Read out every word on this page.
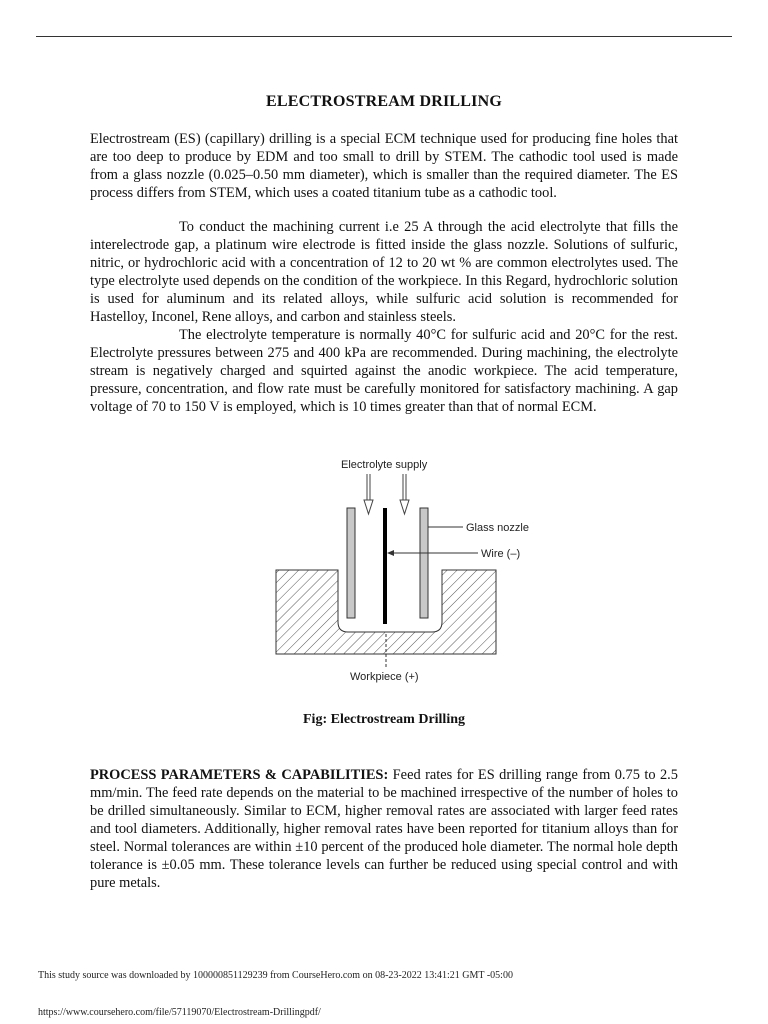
ELECTROSTREAM DRILLING

Electrostream (ES) (capillary) drilling is a special ECM technique used for producing fine holes that are too deep to produce by EDM and too small to drill by STEM. The cathodic tool used is made from a glass nozzle (0.025–0.50 mm diameter), which is smaller than the required diameter. The ES process differs from STEM, which uses a coated titanium tube as a cathodic tool.

To conduct the machining current i.e 25 A through the acid electrolyte that fills the interelectrode gap, a platinum wire electrode is fitted inside the glass nozzle. Solutions of sulfuric, nitric, or hydrochloric acid with a concentration of 12 to 20 wt % are common electrolytes used. The type electrolyte used depends on the condition of the workpiece. In this Regard, hydrochloric solution is used for aluminum and its related alloys, while sulfuric acid solution is recommended for Hastelloy, Inconel, Rene alloys, and carbon and stainless steels.

The electrolyte temperature is normally 40°C for sulfuric acid and 20°C for the rest. Electrolyte pressures between 275 and 400 kPa are recommended. During machining, the electrolyte stream is negatively charged and squirted against the anodic workpiece. The acid temperature, pressure, concentration, and flow rate must be carefully monitored for satisfactory machining. A gap voltage of 70 to 150 V is employed, which is 10 times greater than that of normal ECM.

Electrolyte supply
Glass nozzle
Wire (–)
Workpiece (+)
Fig: Electrostream Drilling

PROCESS PARAMETERS & CAPABILITIES: Feed rates for ES drilling range from 0.75 to 2.5 mm/min. The feed rate depends on the material to be machined irrespective of the number of holes to be drilled simultaneously. Similar to ECM, higher removal rates are associated with larger feed rates and tool diameters. Additionally, higher removal rates have been reported for titanium alloys than for steel. Normal tolerances are within ±10 percent of the produced hole diameter. The normal hole depth tolerance is ±0.05 mm. These tolerance levels can further be reduced using special control and with pure metals.

This study source was downloaded by 100000851129239 from CourseHero.com on 08-23-2022 13:41:21 GMT -05:00
https://www.coursehero.com/file/57119070/Electrostream-Drillingpdf/
